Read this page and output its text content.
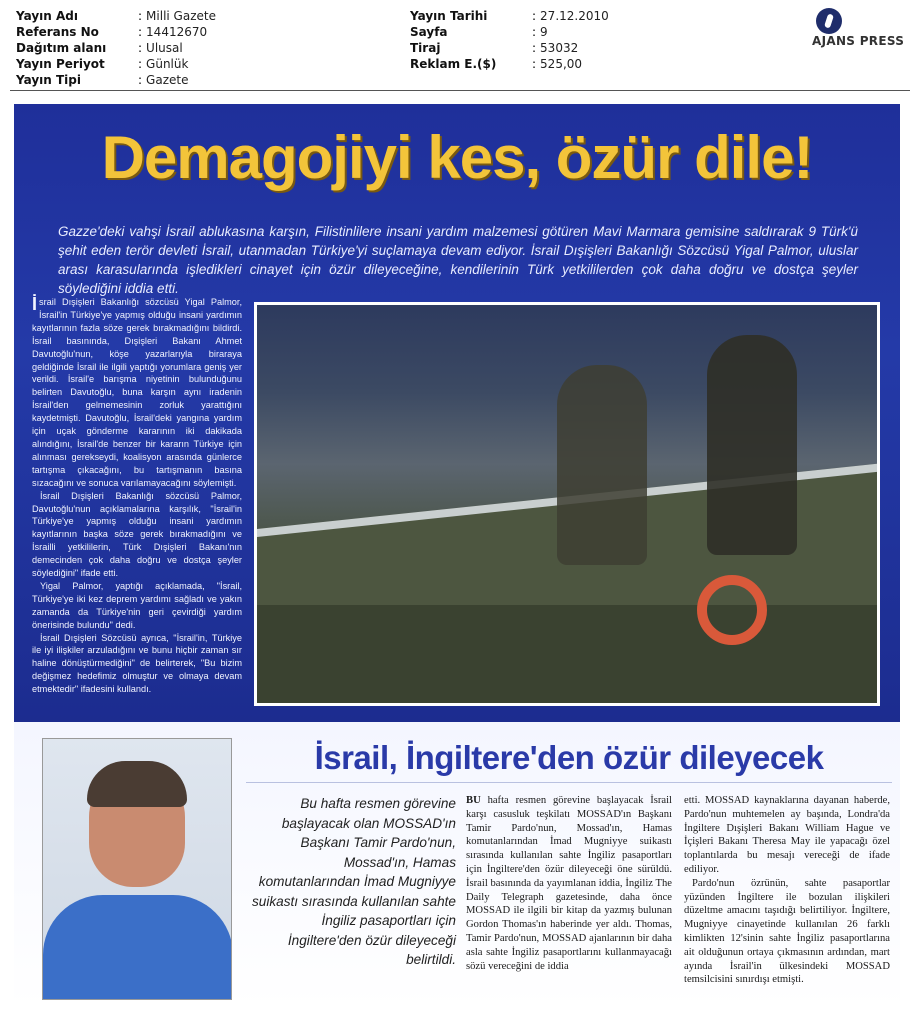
Yayın Adı	: Milli Gazete
Referans No	: 14412670
Dağıtım alanı	: Ulusal
Yayın Periyot	: Günlük
Yayın Tipi	: Gazete
Yayın Tarihi	: 27.12.2010
Sayfa	: 9
Tiraj	: 53032
Reklam E.($)	: 525,00
AJANS PRESS
Demagojiyi kes, özür dile!
Gazze'deki vahşi İsrail ablukasına karşın, Filistinlilere insani yardım malzemesi götüren Mavi Marmara gemisine saldırarak 9 Türk'ü şehit eden terör devleti İsrail, utanmadan Türkiye'yi suçlamaya devam ediyor. İsrail Dışişleri Bakanlığı Sözcüsü Yigal Palmor, uluslar arası karasularında işledikleri cinayet için özür dileyeceğine, kendilerinin Türk yetkililerden çok daha doğru ve dostça şeyler söylediğini iddia etti.

İsrail Dışişleri Bakanlığı sözcüsü Yigal Palmor, İsrail'in Türkiye'ye yapmış olduğu insani yardımın kayıtlarının fazla söze gerek bırakmadığını bildirdi. İsrail basınında, Dışişleri Bakanı Ahmet Davutoğlu'nun, köşe yazarlarıyla biraraya geldiğinde İsrail ile ilgili yaptığı yorumlara geniş yer verildi. İsrail'e barışma niyetinin bulunduğunu belirten Davutoğlu, buna karşın aynı iradenin İsrail'den gelmemesinin zorluk yarattığını kaydetmişti. Davutoğlu, İsrail'deki yangına yardım için uçak gönderme kararının iki dakikada alındığını, İsrail'de benzer bir kararın Türkiye için alınması gerekseydi, koalisyon arasında günlerce tartışma çıkacağını, bu tartışmanın basına sızacağını ve sonuca varılamayacağını söylemişti.

İsrail Dışişleri Bakanlığı sözcüsü Palmor, Davutoğlu'nun açıklamalarına karşılık, "İsrail'in Türkiye'ye yapmış olduğu insani yardımın kayıtlarının başka söze gerek bırakmadığını ve İsrailli yetkililerin, Türk Dışişleri Bakanı'nın demecinden çok daha doğru ve dostça şeyler söylediğini" ifade etti.

Yigal Palmor, yaptığı açıklamada, "İsrail, Türkiye'ye iki kez deprem yardımı sağladı ve yakın zamanda da Türkiye'nin geri çevirdiği yardım önerisinde bulundu" dedi.

İsrail Dışişleri Sözcüsü ayrıca, "İsrail'in, Türkiye ile iyi ilişkiler arzuladığını ve bunu hiçbir zaman sır haline dönüştürmediğini" de belirterek, "Bu bizim değişmez hedefimiz olmuştur ve olmaya devam etmektedir" ifadesini kullandı.

İsrail, İngiltere'den özür dileyecek
Bu hafta resmen görevine başlayacak olan MOSSAD'ın Başkanı Tamir Pardo'nun, Mossad'ın, Hamas komutanlarından İmad Mugniyye suikastı sırasında kullanılan sahte İngiliz pasaportları için İngiltere'den özür dileyeceği belirtildi.

BU hafta resmen görevine başlayacak İsrail karşı casusluk teşkilatı MOSSAD'ın Başkanı Tamir Pardo'nun, Mossad'ın, Hamas komutanlarından İmad Mugniyye suikastı sırasında kullanılan sahte İngiliz pasaportları için İngiltere'den özür dileyeceği öne sürüldü. İsrail basınında da yayımlanan iddia, İngiliz The Daily Telegraph gazetesinde, daha önce MOSSAD ile ilgili bir kitap da yazmış bulunan Gordon Thomas'ın haberinde yer aldı. Thomas, Tamir Pardo'nun, MOSSAD ajanlarının bir daha asla sahte İngiliz pasaportlarını kullanmayacağı sözü vereceğini de iddia

etti. MOSSAD kaynaklarına dayanan haberde, Pardo'nun muhtemelen ay başında, Londra'da İngiltere Dışişleri Bakanı William Hague ve İçişleri Bakanı Theresa May ile yapacağı özel toplantılarda bu mesajı vereceği de ifade ediliyor.

Pardo'nun özrünün, sahte pasaportlar yüzünden İngiltere ile bozulan ilişkileri düzeltme amacını taşıdığı belirtiliyor. İngiltere, Mugniyye cinayetinde kullanılan 26 farklı kimlikten 12'sinin sahte İngiliz pasaportlarına ait olduğunun ortaya çıkmasının ardından, mart ayında İsrail'in ülkesindeki MOSSAD temsilcisini sınırdışı etmişti.
